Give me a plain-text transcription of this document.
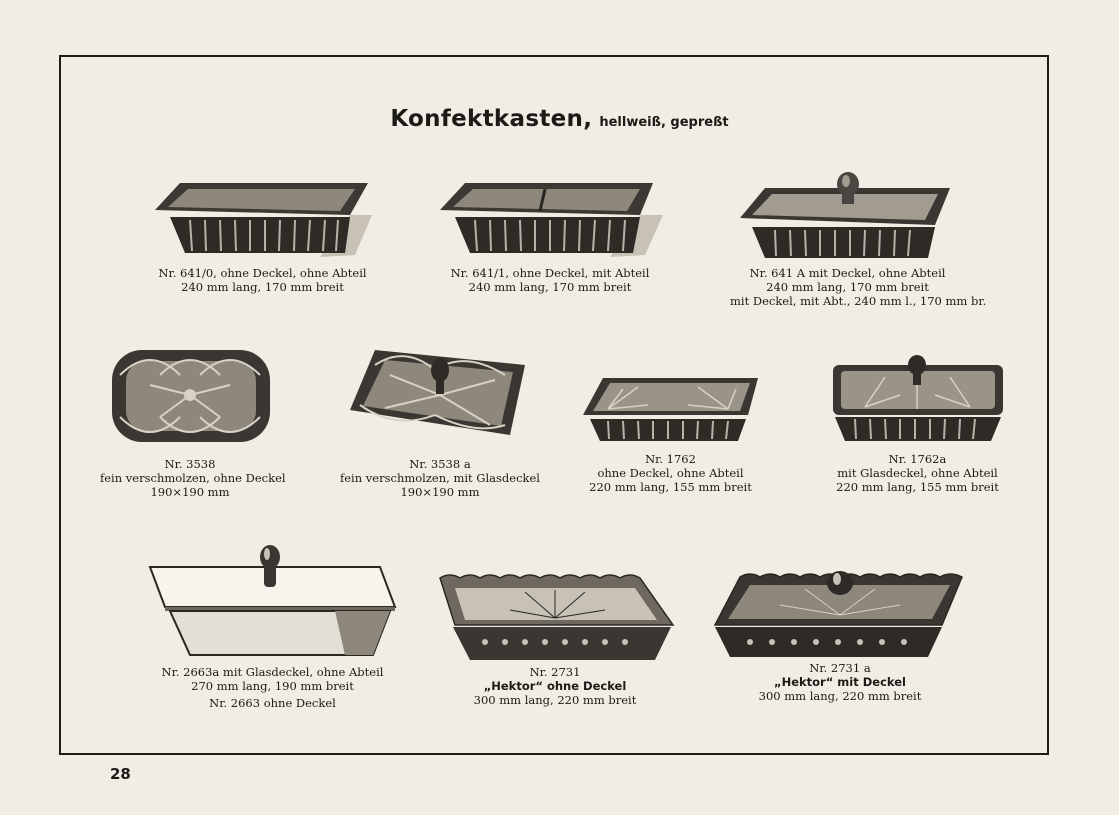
Konfektkasten, hellweiß, gepreßt
Nr. 641/0, ohne Deckel, ohne Abteil
240 mm lang, 170 mm breit
Nr. 641/1, ohne Deckel, mit Abteil
240 mm lang, 170 mm breit
Nr. 641 A mit Deckel, ohne Abteil
240 mm lang, 170 mm breit
mit Deckel, mit Abt., 240 mm l., 170 mm br.
Nr. 3538
fein verschmolzen, ohne Deckel
190×190 mm
Nr. 3538 a
fein verschmolzen, mit Glasdeckel
190×190 mm
Nr. 1762
ohne Deckel, ohne Abteil
220 mm lang, 155 mm breit
Nr. 1762a
mit Glasdeckel, ohne Abteil
220 mm lang, 155 mm breit
Nr. 2663a mit Glasdeckel, ohne Abteil
270 mm lang, 190 mm breit
Nr. 2663 ohne Deckel
Nr. 2731
„Hektor“ ohne Deckel
300 mm lang, 220 mm breit
Nr. 2731 a
„Hektor“ mit Deckel
300 mm lang, 220 mm breit
28
